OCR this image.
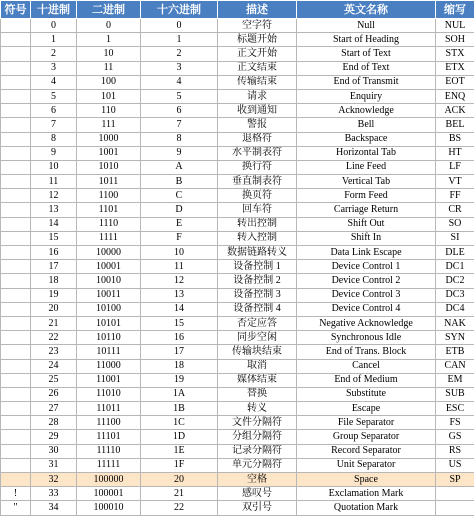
符号	十进制	二进制	十六进制	描述	英文名称	缩写
	0	0	0	空字符	Null	NUL
	1	1	1	标题开始	Start of Heading	SOH
	2	10	2	正文开始	Start of Text	STX
	3	11	3	正文结束	End of Text	ETX
	4	100	4	传输结束	End of Transmit	EOT
	5	101	5	请求	Enquiry	ENQ
	6	110	6	收到通知	Acknowledge	ACK
	7	111	7	警报	Bell	BEL
	8	1000	8	退格符	Backspace	BS
	9	1001	9	水平制表符	Horizontal Tab	HT
	10	1010	A	换行符	Line Feed	LF
	11	1011	B	垂直制表符	Vertical Tab	VT
	12	1100	C	换页符	Form Feed	FF
	13	1101	D	回车符	Carriage Return	CR
	14	1110	E	转出控制	Shift Out	SO
	15	1111	F	转入控制	Shift In	SI
	16	10000	10	数据链路转义	Data Link Escape	DLE
	17	10001	11	设备控制 1	Device Control 1	DC1
	18	10010	12	设备控制 2	Device Control 2	DC2
	19	10011	13	设备控制 3	Device Control 3	DC3
	20	10100	14	设备控制 4	Device Control 4	DC4
	21	10101	15	否定应答	Negative Acknowledge	NAK
	22	10110	16	同步空闲	Synchronous Idle	SYN
	23	10111	17	传输块结束	End of Trans. Block	ETB
	24	11000	18	取消	Cancel	CAN
	25	11001	19	媒体结束	End of Medium	EM
	26	11010	1A	替换	Substitute	SUB
	27	11011	1B	转义	Escape	ESC
	28	11100	1C	文件分隔符	File Separator	FS
	29	11101	1D	分组分隔符	Group Separator	GS
	30	11110	1E	记录分隔符	Record Separator	RS
	31	11111	1F	单元分隔符	Unit Separator	US
	32	100000	20	空格	Space	SP
!	33	100001	21	感叹号	Exclamation Mark	
"	34	100010	22	双引号	Quotation Mark	
